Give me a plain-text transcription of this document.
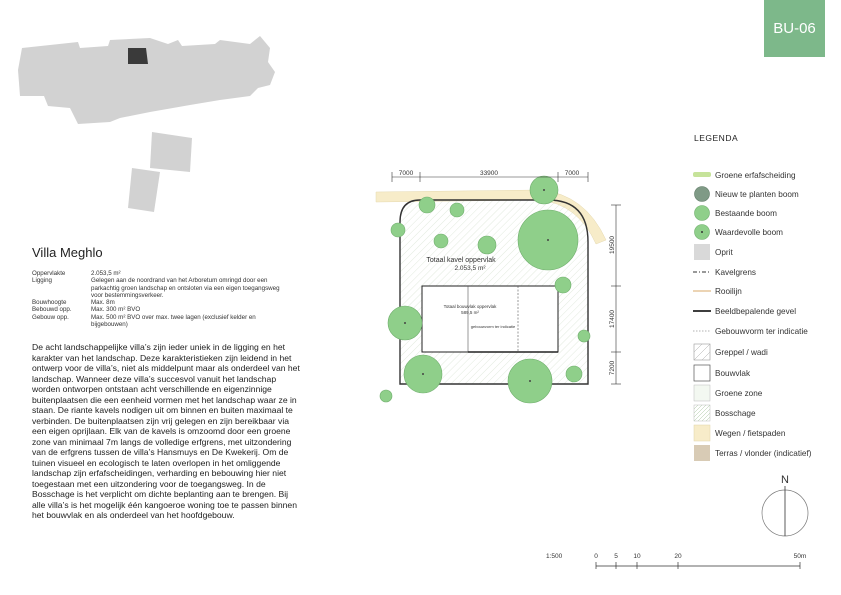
BU-06
Villa Meghlo
Oppervlakte	2.053,5 m²
Ligging	Gelegen aan de noordrand van het Arboretum omringd door een parkachtig groen landschap en ontsloten via een eigen toegangsweg voor bestemmingsverkeer.
Bouwhoogte	Max. 8m
Bebouwd opp.	Max. 300 m² BVO
Gebouw opp.	Max. 500 m² BVO over max. twee lagen (exclusief kelder en bijgebouwen)
De acht landschappelijke villa’s zijn ieder uniek in de ligging en het karakter van het landschap. Deze karakteristieken zijn leidend in het ontwerp voor de villa’s, niet als middelpunt maar als onderdeel van het landschap. Wanneer deze villa’s succesvol vanuit het landschap worden ontworpen ontstaan acht verschillende en eigenzinnige buitenplaatsen die een eenheid vormen met het landschap waar ze in staan. De riante kavels nodigen uit om binnen en buiten maximaal te verbinden. De buitenplaatsen zijn vrij gelegen en zijn bereikbaar via een eigen oprijlaan. Elk van de kavels is omzoomd door een groene zone van minimaal 7m langs de volledige erfgrens, met uitzondering van de erfgrens tussen de villa’s Hansmuys en De Kwekerij. Om de tuinen visueel en ecologisch te laten overlopen in het omliggende landschap zijn erfafscheidingen, verharding en bebouwing hier niet toegestaan met een uitzondering voor de toegangsweg. In de Bosschage is het verplicht om dichte beplanting aan te brengen. Bij alle villa’s is het mogelijk één kangoeroe woning toe te passen binnen het bouwvlak en als onderdeel van het hoofdgebouw.
Totaal kavel oppervlak
2.053,5 m²
Totaal bouwvlak oppervlak
589,5 m²
gebouwvorm ter indicatie
7000	33900	7000
19500
17400
7200
LEGENDA
Groene erfafscheiding
Nieuw te planten boom
Bestaande boom
Waardevolle boom
Oprit
Kavelgrens
Rooilijn
Beeldbepalende gevel
Gebouwvorm ter indicatie
Greppel / wadi
Bouwvlak
Groene zone
Bosschage
Wegen / fietspaden
Terras / vlonder (indicatief)
N
1:500	0	5 10	20	50m
